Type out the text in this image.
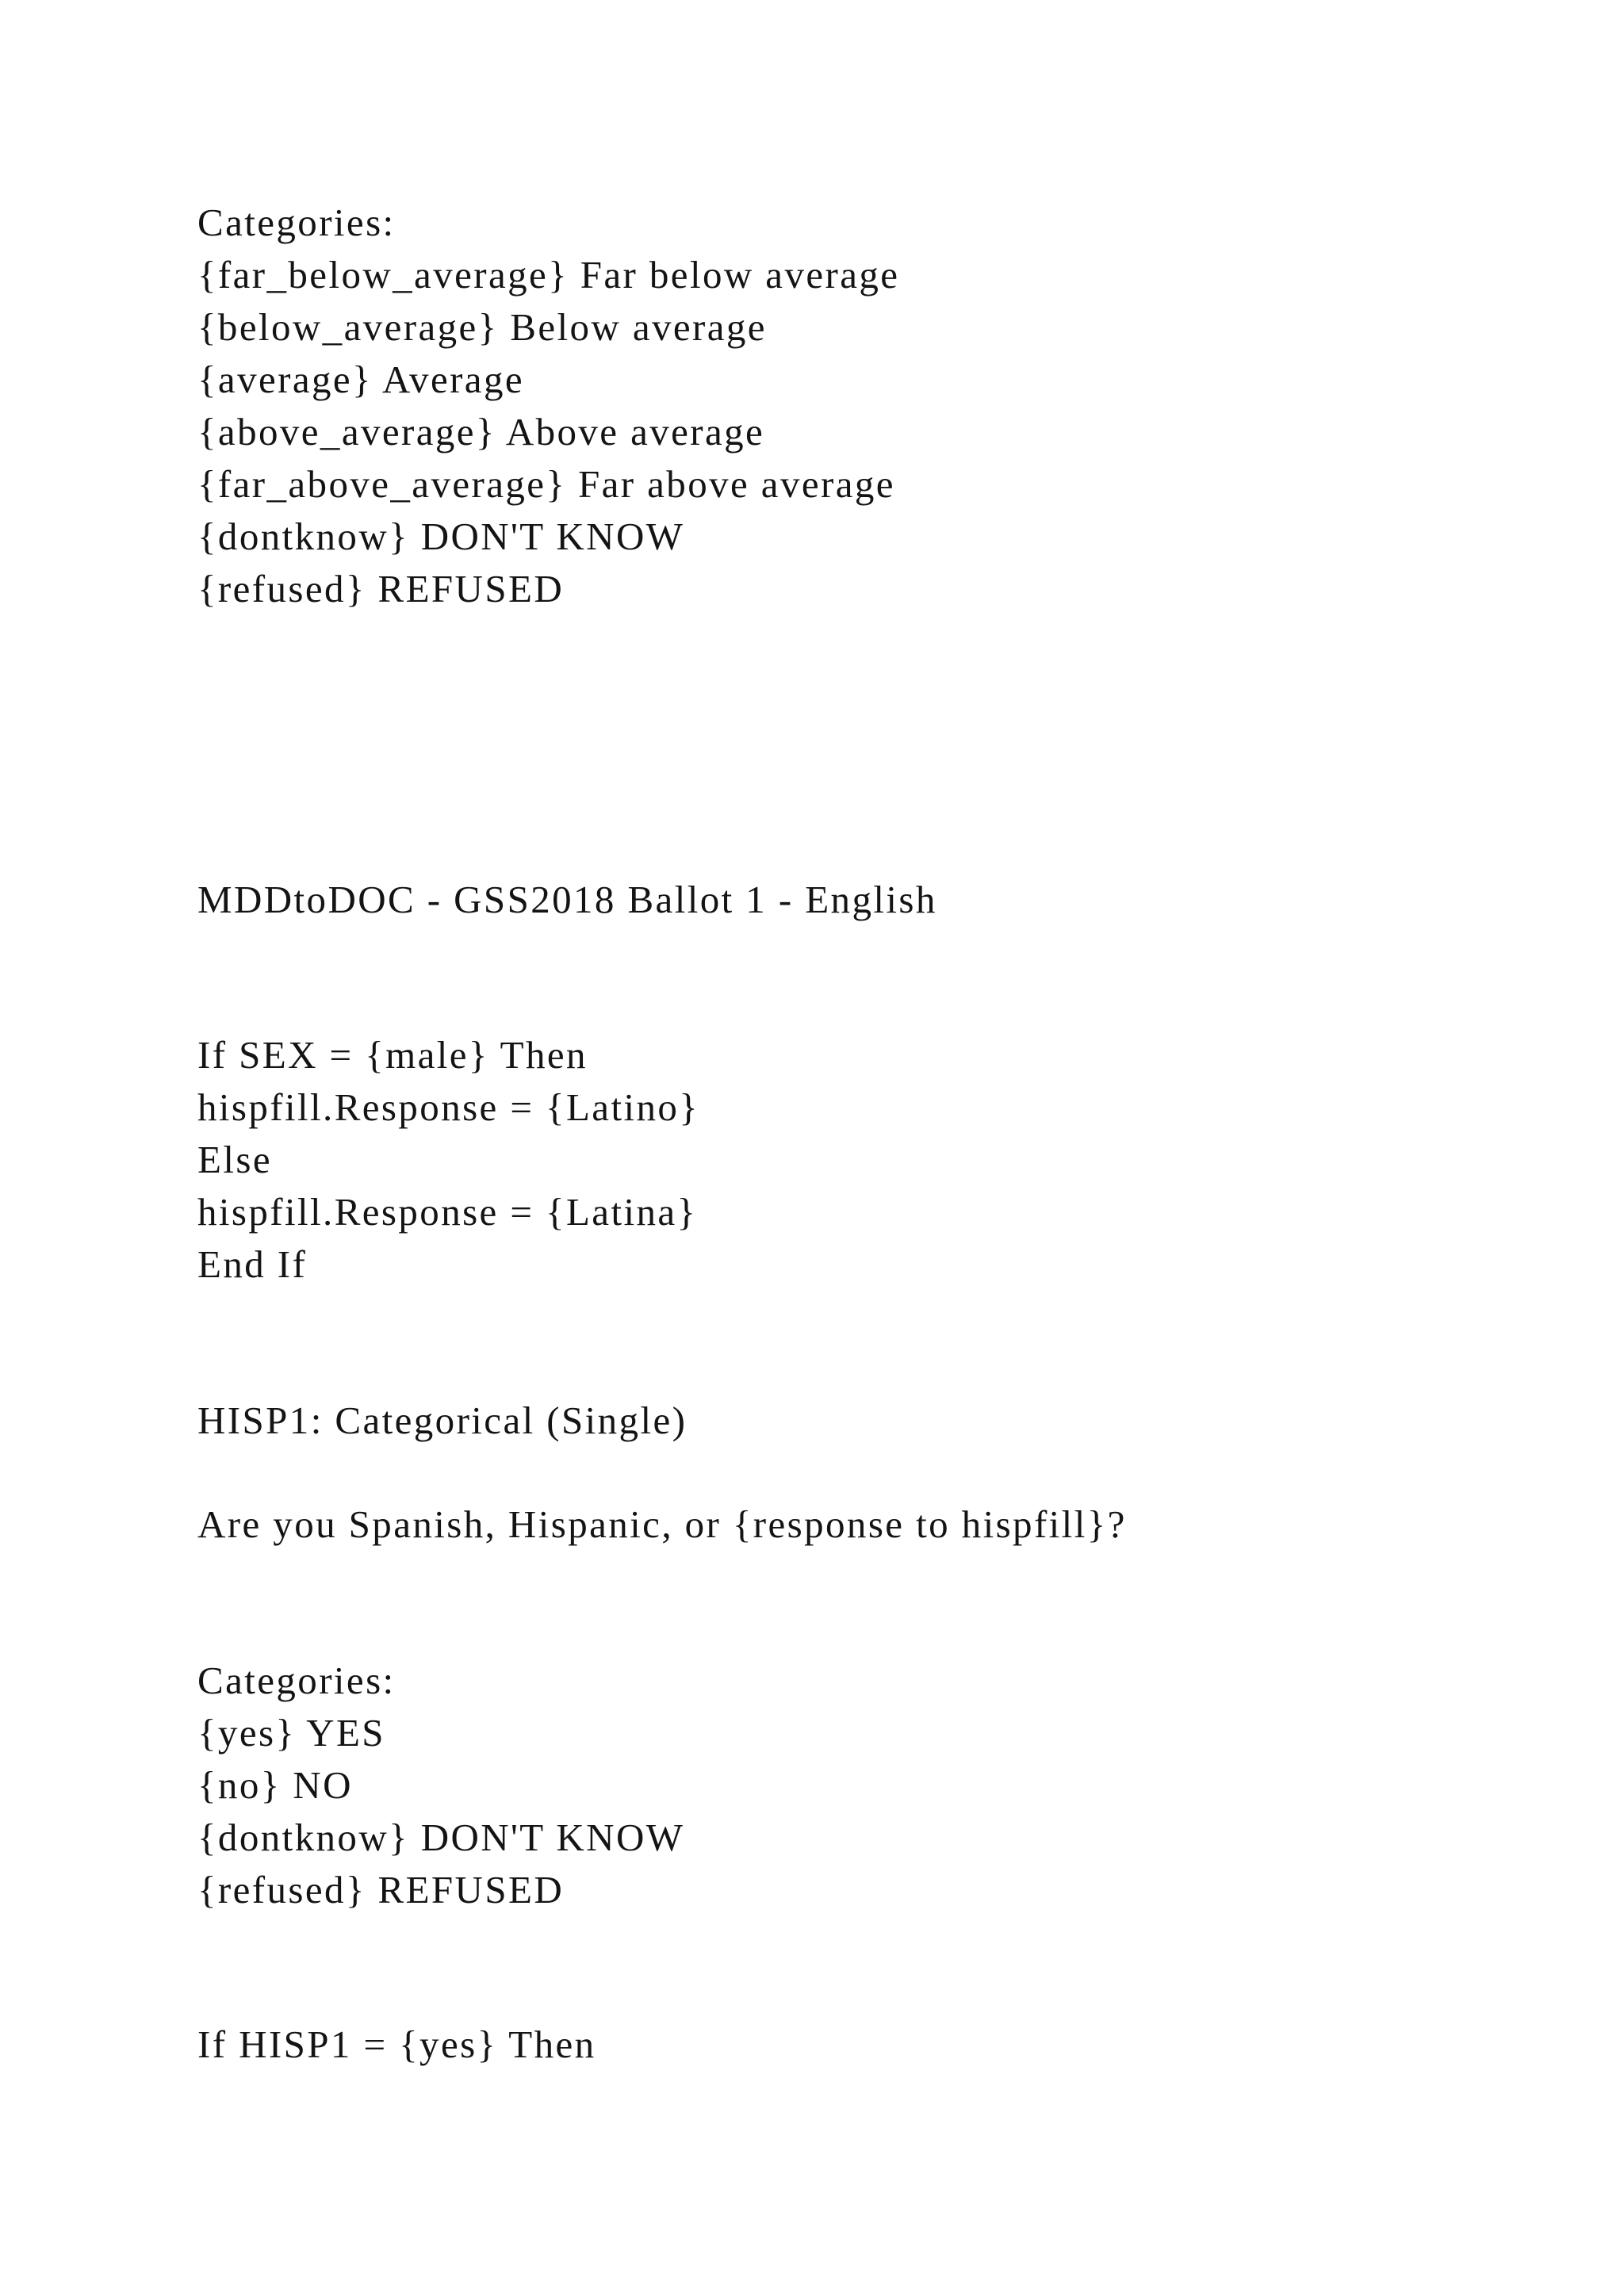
Categories:

{far_below_average} Far below average

{below_average} Below average

{average} Average

{above_average} Above average

{far_above_average} Far above average

{dontknow} DON'T KNOW

{refused} REFUSED

MDDtoDOC - GSS2018 Ballot 1 - English

If SEX = {male} Then

hispfill.Response = {Latino}

Else

hispfill.Response = {Latina}

End If

HISP1: Categorical (Single)

Are you Spanish, Hispanic, or {response to hispfill}?

Categories:

{yes} YES

{no} NO

{dontknow} DON'T KNOW

{refused} REFUSED

If HISP1 = {yes} Then
